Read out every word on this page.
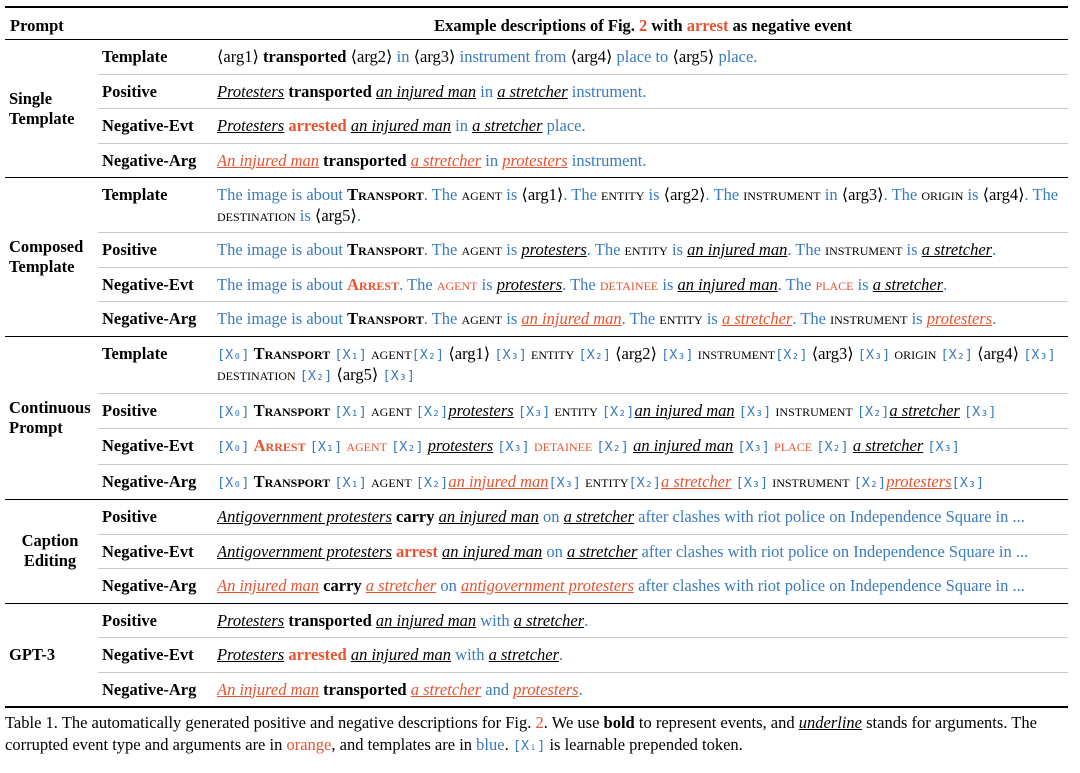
Prompt	Example descriptions of Fig. 2 with arrest as negative event
Single Template
Template	⟨arg1⟩ transported ⟨arg2⟩ in ⟨arg3⟩ instrument from ⟨arg4⟩ place to ⟨arg5⟩ place.
Positive	Protesters transported an injured man in a stretcher instrument.
Negative-Evt Protesters arrested an injured man in a stretcher place.
Negative-Arg An injured man transported a stretcher in protesters instrument.
Composed Template
Template	The image is about Transport. The agent is ⟨arg1⟩. The entity is ⟨arg2⟩. The instrument in ⟨arg3⟩. The origin is ⟨arg4⟩. The destination is ⟨arg5⟩.
Positive	The image is about Transport. The agent is protesters. The entity is an injured man. The instrument is a stretcher.
Negative-Evt The image is about Arrest. The agent is protesters. The detainee is an injured man. The place is a stretcher.
Negative-Arg The image is about Transport. The agent is an injured man. The entity is a stretcher. The instrument is protesters.
Continuous Prompt
Template	[X₀] Transport [X₁] agent[X₂] ⟨arg1⟩ [X₃] entity [X₂] ⟨arg2⟩ [X₃] instrument[X₂] ⟨arg3⟩ [X₃] origin [X₂] ⟨arg4⟩ [X₃] destination [X₂] ⟨arg5⟩ [X₃]
Positive	[X₀] Transport [X₁] agent [X₂]protesters [X₃] entity [X₂]an injured man [X₃] instrument [X₂]a stretcher [X₃]
Negative-Evt [X₀] Arrest [X₁] agent [X₂] protesters [X₃] detainee [X₂] an injured man [X₃] place [X₂] a stretcher [X₃]
Negative-Arg [X₀] Transport [X₁] agent [X₂]an injured man[X₃] entity[X₂]a stretcher [X₃] instrument [X₂]protesters[X₃]
Caption Editing
Positive	Antigovernment protesters carry an injured man on a stretcher after clashes with riot police on Independence Square in ...
Negative-Evt Antigovernment protesters arrest an injured man on a stretcher after clashes with riot police on Independence Square in ...
Negative-Arg An injured man carry a stretcher on antigovernment protesters after clashes with riot police on Independence Square in ...
GPT-3
Positive	Protesters transported an injured man with a stretcher.
Negative-Evt Protesters arrested an injured man with a stretcher.
Negative-Arg An injured man transported a stretcher and protesters.
Table 1. The automatically generated positive and negative descriptions for Fig. 2. We use bold to represent events, and underline stands for arguments. The corrupted event type and arguments are in orange, and templates are in blue. [Xᵢ] is learnable prepended token.
